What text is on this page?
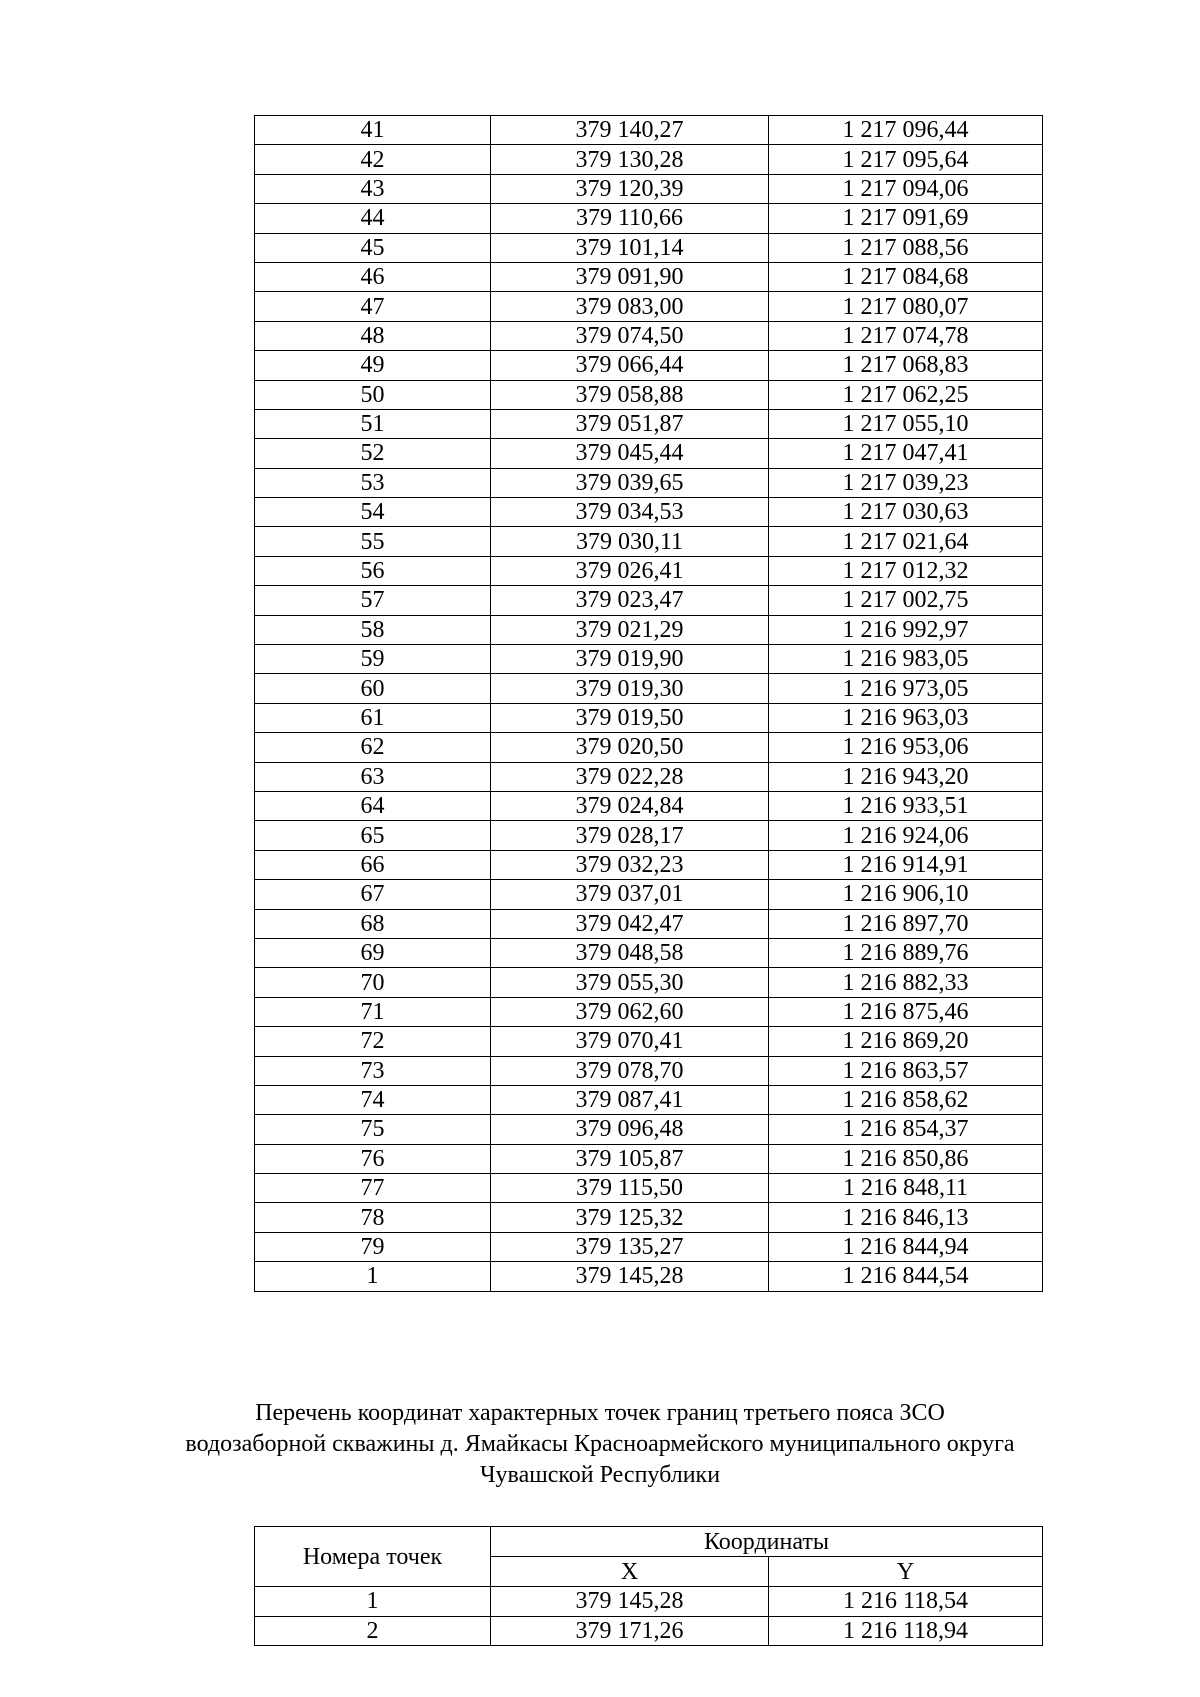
41	379 140,27	1 217 096,44
42	379 130,28	1 217 095,64
43	379 120,39	1 217 094,06
44	379 110,66	1 217 091,69
45	379 101,14	1 217 088,56
46	379 091,90	1 217 084,68
47	379 083,00	1 217 080,07
48	379 074,50	1 217 074,78
49	379 066,44	1 217 068,83
50	379 058,88	1 217 062,25
51	379 051,87	1 217 055,10
52	379 045,44	1 217 047,41
53	379 039,65	1 217 039,23
54	379 034,53	1 217 030,63
55	379 030,11	1 217 021,64
56	379 026,41	1 217 012,32
57	379 023,47	1 217 002,75
58	379 021,29	1 216 992,97
59	379 019,90	1 216 983,05
60	379 019,30	1 216 973,05
61	379 019,50	1 216 963,03
62	379 020,50	1 216 953,06
63	379 022,28	1 216 943,20
64	379 024,84	1 216 933,51
65	379 028,17	1 216 924,06
66	379 032,23	1 216 914,91
67	379 037,01	1 216 906,10
68	379 042,47	1 216 897,70
69	379 048,58	1 216 889,76
70	379 055,30	1 216 882,33
71	379 062,60	1 216 875,46
72	379 070,41	1 216 869,20
73	379 078,70	1 216 863,57
74	379 087,41	1 216 858,62
75	379 096,48	1 216 854,37
76	379 105,87	1 216 850,86
77	379 115,50	1 216 848,11
78	379 125,32	1 216 846,13
79	379 135,27	1 216 844,94
1	379 145,28	1 216 844,54

Перечень координат характерных точек границ третьего пояса ЗСО

водозаборной скважины д. Ямайкасы Красноармейского муниципального округа

Чувашской Республики

Номера точек	Координаты	
	X	Y
1	379 145,28	1 216 118,54
2	379 171,26	1 216 118,94
